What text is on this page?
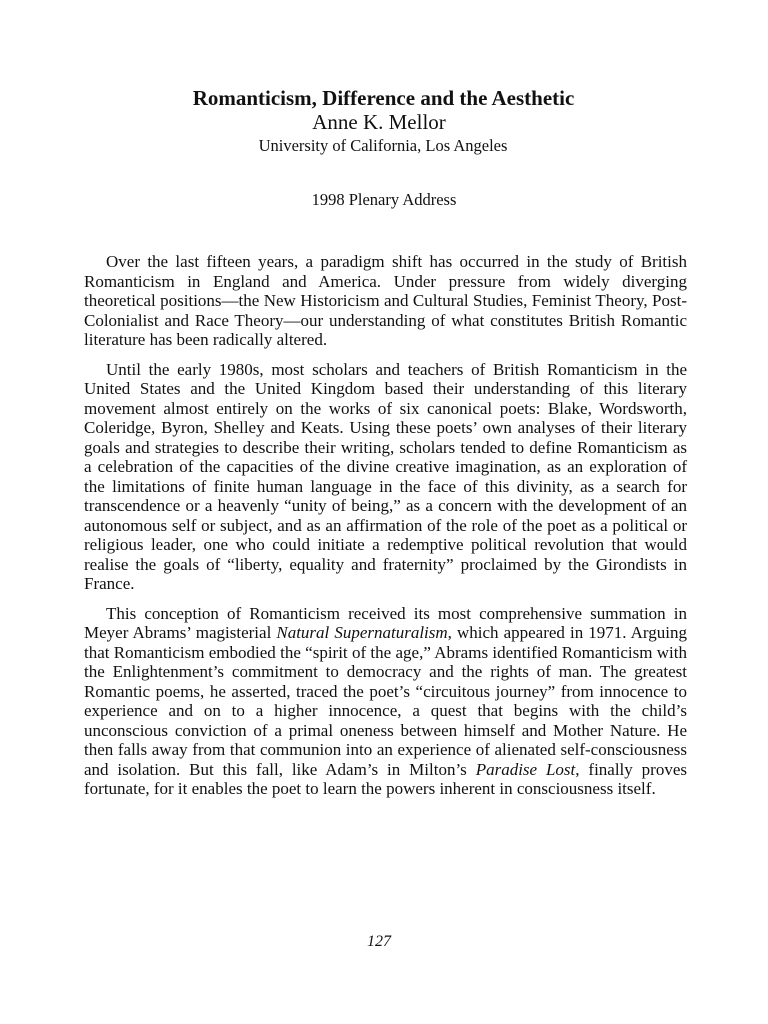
Romanticism, Difference and the Aesthetic
Anne K. Mellor
University of California, Los Angeles
1998 Plenary Address

Over the last fifteen years, a paradigm shift has occurred in the study of British Romanticism in England and America. Under pressure from widely diverging theoretical positions—the New Historicism and Cultural Studies, Feminist Theory, Post-Colonialist and Race Theory—our understanding of what constitutes British Romantic literature has been radically altered.

Until the early 1980s, most scholars and teachers of British Romanticism in the United States and the United Kingdom based their understanding of this literary movement almost entirely on the works of six canonical poets: Blake, Wordsworth, Coleridge, Byron, Shelley and Keats. Using these poets’ own analyses of their literary goals and strategies to describe their writing, scholars tended to define Romanticism as a celebration of the capacities of the divine creative imagination, as an exploration of the limitations of finite human language in the face of this divinity, as a search for transcendence or a heavenly “unity of being,” as a concern with the development of an autonomous self or subject, and as an affirmation of the role of the poet as a political or religious leader, one who could initiate a redemptive political revolution that would realise the goals of “liberty, equality and fraternity” proclaimed by the Girondists in France.

This conception of Romanticism received its most comprehensive summation in Meyer Abrams’ magisterial Natural Supernaturalism, which appeared in 1971. Arguing that Romanticism embodied the “spirit of the age,” Abrams identified Romanticism with the Enlightenment’s commitment to democracy and the rights of man. The greatest Romantic poems, he asserted, traced the poet’s “circuitous journey” from innocence to experience and on to a higher innocence, a quest that begins with the child’s unconscious conviction of a primal oneness between himself and Mother Nature. He then falls away from that communion into an experience of alienated self-consciousness and isolation. But this fall, like Adam’s in Milton’s Paradise Lost, finally proves fortunate, for it enables the poet to learn the powers inherent in consciousness itself.

127
